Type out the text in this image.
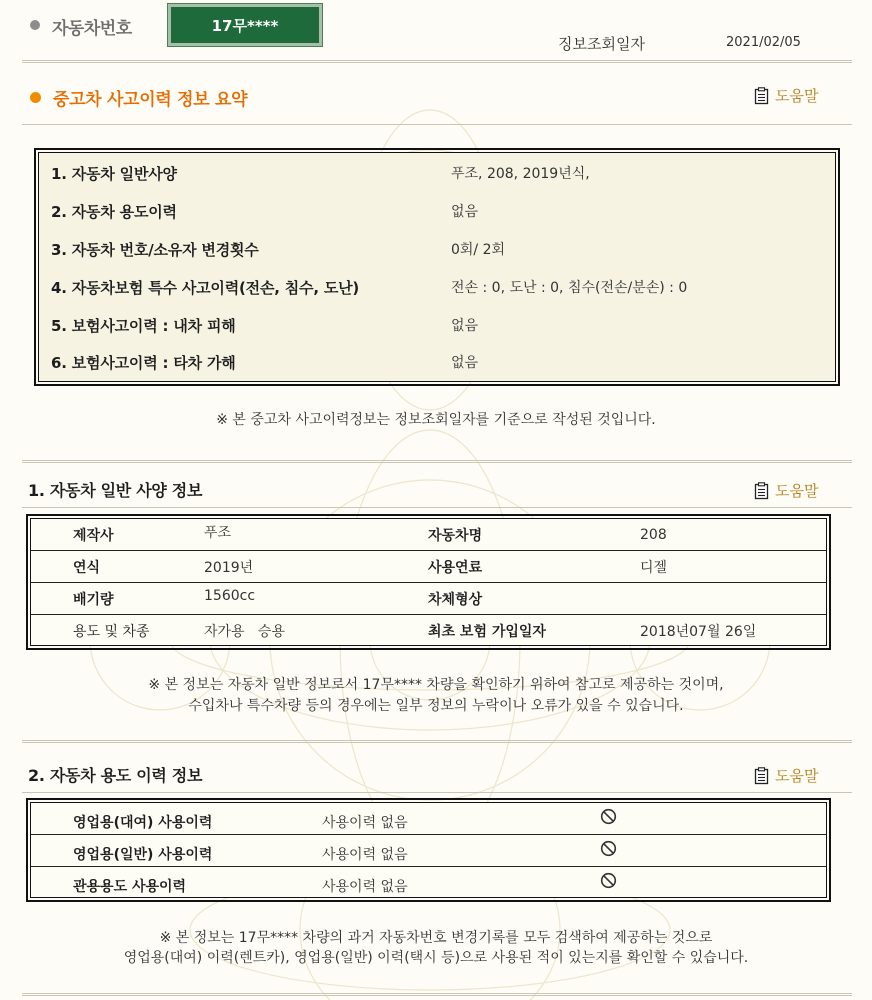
자동차번호	17무****
징보조회일자	2021/02/05
중고차 사고이력 정보 요약	도움말
1. 자동차 일반사양	푸조, 208, 2019년식,
2. 자동차 용도이력	없음
3. 자동차 번호/소유자 변경횟수	0회/ 2회
4. 자동차보험 특수 사고이력(전손, 침수, 도난)	전손 : 0, 도난 : 0, 침수(전손/분손) : 0
5. 보험사고이력 : 내차 피해	없음
6. 보험사고이력 : 타차 가해	없음
※ 본 중고차 사고이력정보는 정보조회일자를 기준으로 작성된 것입니다.
1. 자동차 일반 사양 정보	도움말
제작사	푸조	자동차명	208
연식	2019년	사용연료	디젤
배기량	1560cc	차체형상
용도 및 차종	자가용   승용	최초 보험 가입일자	2018년07월 26일
※ 본 정보는 자동차 일반 정보로서 17무**** 차량을 확인하기 위하여 참고로 제공하는 것이며,
수입차나 특수차량 등의 경우에는 일부 정보의 누락이나 오류가 있을 수 있습니다.
2. 자동차 용도 이력 정보	도움말
영업용(대여) 사용이력	사용이력 없음
영업용(일반) 사용이력	사용이력 없음
관용용도 사용이력	사용이력 없음
※ 본 정보는 17무**** 차량의 과거 자동차번호 변경기록를 모두 검색하여 제공하는 것으로
영업용(대여) 이력(렌트카), 영업용(일반) 이력(택시 등)으로 사용된 적이 있는지를 확인할 수 있습니다.
